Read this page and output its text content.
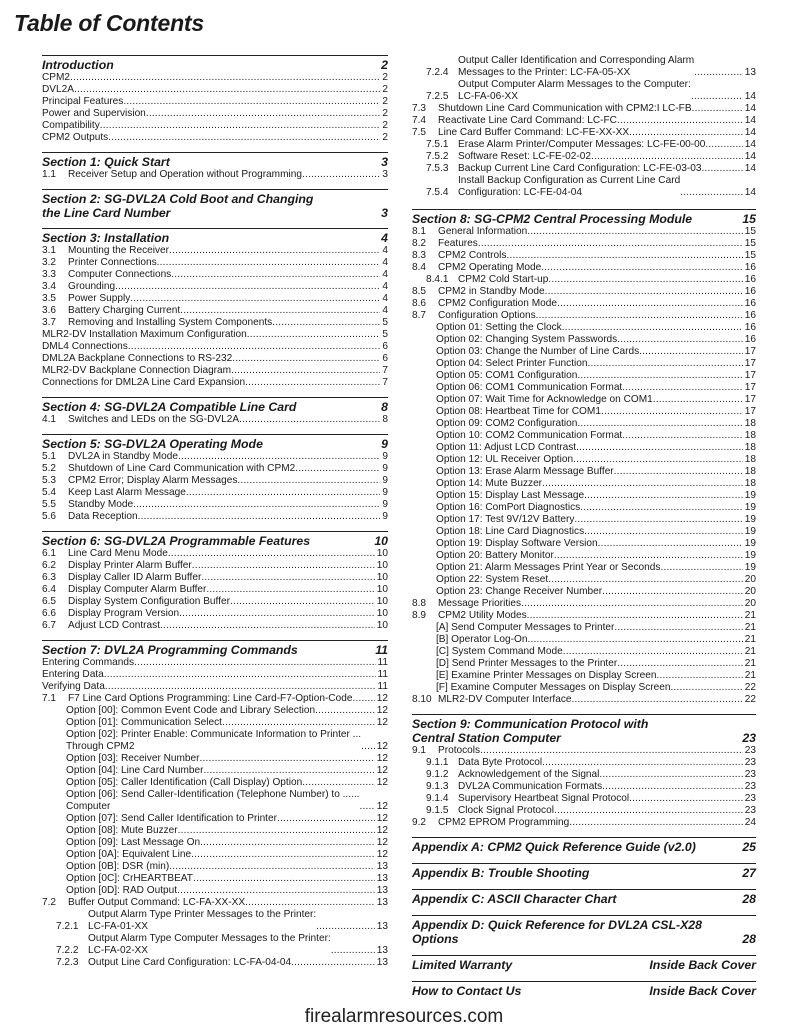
Table of Contents
Introduction	2
CPM2 . . .	2
DVL2A . . .	2
Principal Features . . .	2
Power and Supervision . . .	2
Compatibility . . .	2
CPM2 Outputs . . .	2
Section 1: Quick Start	3
1.1	Receiver Setup and Operation without Programming . . .	3
Section 2: SG-DVL2A Cold Boot and Changing
the Line Card Number	3
Section 3: Installation	4
3.1	Mounting the Receiver . . .	4
3.2	Printer Connections . . .	4
3.3	Computer Connections . . .	4
3.4	Grounding . . .	4
3.5	Power Supply . . .	4
3.6	Battery Charging Current . . .	4
3.7	Removing and Installing System Components . . .	5
MLR2-DV Installation Maximum Configuration . . .	5
DML4 Connections . . .	6
DML2A Backplane Connections to RS-232 . . .	6
MLR2-DV Backplane Connection Diagram . . .	7
Connections for DML2A Line Card Expansion . . .	7
Section 4: SG-DVL2A Compatible Line Card	8
4.1	Switches and LEDs on the SG-DVL2A . . .	8
Section 5: SG-DVL2A Operating Mode	9
5.1	DVL2A in Standby Mode . . .	9
5.2	Shutdown of Line Card Communication with CPM2 . . .	9
5.3	CPM2 Error; Display Alarm Messages . . .	9
5.4	Keep Last Alarm Message . . .	9
5.5	Standby Mode . . .	9
5.6	Data Reception . . .	9
Section 6: SG-DVL2A Programmable Features	10
6.1	Line Card Menu Mode . . .	10
6.2	Display Printer Alarm Buffer . . .	10
6.3	Display Caller ID Alarm Buffer . . .	10
6.4	Display Computer Alarm Buffer . . .	10
6.5	Display System Configuration Buffer . . .	10
6.6	Display Program Version . . .	10
6.7	Adjust LCD Contrast . . .	10
Section 7: DVL2A Programming Commands	11
Entering Commands . . .	11
Entering Data . . .	11
Verifying Data . . .	11
7.1	F7 Line Card Options Programming: Line Card-F7-Option-Code . . . 12
Option [00]: Common Event Code and Library Selection . . .	12
Option [01]: Communication Select . . .	12
Option [02]: Printer Enable: Communicate Information to Printer ...
Through CPM2 . . .	12
Option [03]: Receiver Number . . .	12
Option [04]: Line Card Number . . .	12
Option [05]: Caller Identification (Call Display) Option . . .	12
Option [06]: Send Caller-Identification (Telephone Number) to ......
Computer . . .	12
Option [07]: Send Caller Identification to Printer . . .	12
Option [08]: Mute Buzzer . . .	12
Option [09]: Last Message On . . .	12
Option [0A]: Equivalent Line . . .	12
Option [0B]: DSR (min) . . .	13
Option [0C]: CrHEARTBEAT . . .	13
Option [0D]: RAD Output . . .	13
7.2	Buffer Output Command: LC-FA-XX-XX . . .	13
7.2.1
Output Alarm Type Printer Messages to the Printer:
LC-FA-01-XX . . .	13
7.2.2
Output Alarm Type Computer Messages to the Printer:
LC-FA-02-XX . . .	13
7.2.3 Output Line Card Configuration: LC-FA-04-04 . . .	13
7.2.4
Output Caller Identification and Corresponding Alarm
Messages to the Printer: LC-FA-05-XX . . .	13
7.2.5
Output Computer Alarm Messages to the Computer:
LC-FA-06-XX . . .	14
7.3	Shutdown Line Card Communication with CPM2:I LC-FB . . .	14
7.4	Reactivate Line Card Command: LC-FC . . .	14
7.5	Line Card Buffer Command: LC-FE-XX-XX . . .	14
7.5.1 Erase Alarm Printer/Computer Messages: LC-FE-00-00 . . .	14
7.5.2 Software Reset: LC-FE-02-02 . . .	14
7.5.3 Backup Current Line Card Configuration: LC-FE-03-03 . . .	14
7.5.4
Install Backup Configuration as Current Line Card
Configuration: LC-FE-04-04 . . .	14
Section 8: SG-CPM2 Central Processing Module	15
8.1	General Information . . .	15
8.2	Features . . .	15
8.3	CPM2 Controls . . .	15
8.4	CPM2 Operating Mode . . .	16
8.4.1 CPM2 Cold Start-up . . .	16
8.5	CPM2 in Standby Mode . . .	16
8.6	CPM2 Configuration Mode . . .	16
8.7	Configuration Options . . .	16
Option 01: Setting the Clock . . .	16
Option 02: Changing System Passwords . . .	16
Option 03: Change the Number of Line Cards . . .	17
Option 04: Select Printer Function . . .	17
Option 05: COM1 Configuration . . .	17
Option 06: COM1 Communication Format . . .	17
Option 07: Wait Time for Acknowledge on COM1 . . .	17
Option 08: Heartbeat Time for COM1 . . .	17
Option 09: COM2 Configuration . . .	18
Option 10: COM2 Communication Format . . .	18
Option 11: Adjust LCD Contrast . . .	18
Option 12: UL Receiver Option . . .	18
Option 13: Erase Alarm Message Buffer . . .	18
Option 14: Mute Buzzer . . .	18
Option 15: Display Last Message . . .	19
Option 16: ComPort Diagnostics . . .	19
Option 17: Test 9V/12V Battery . . .	19
Option 18: Line Card Diagnostics . . .	19
Option 19: Display Software Version . . .	19
Option 20: Battery Monitor . . .	19
Option 21: Alarm Messages Print Year or Seconds . . .	19
Option 22: System Reset . . .	20
Option 23: Change Receiver Number . . .	20
8.8	Message Priorities . . .	20
8.9	CPM2 Utility Modes . . .	21
[A] Send Computer Messages to Printer . . .	21
[B] Operator Log-On . . .	21
[C] System Command Mode . . .	21
[D] Send Printer Messages to the Printer . . .	21
[E] Examine Printer Messages on Display Screen . . .	21
[F] Examine Computer Messages on Display Screen . . .	22
8.10 MLR2-DV Computer Interface . . .	22
Section 9: Communication Protocol with
Central Station Computer	23
9.1	Protocols . . .	23
9.1.1 Data Byte Protocol . . .	23
9.1.2 Acknowledgement of the Signal . . .	23
9.1.3 DVL2A Communication Formats . . .	23
9.1.4 Supervisory Heartbeat Signal Protocol . . .	23
9.1.5 Clock Signal Protocol . . .	23
9.2	CPM2 EPROM Programming . . .	24
Appendix A: CPM2 Quick Reference Guide (v2.0)	25
Appendix B: Trouble Shooting	27
Appendix C: ASCII Character Chart	28
Appendix D: Quick Reference for DVL2A CSL-X28 Options	28
Limited Warranty	Inside Back Cover
How to Contact Us	Inside Back Cover
firealarmresources.com
